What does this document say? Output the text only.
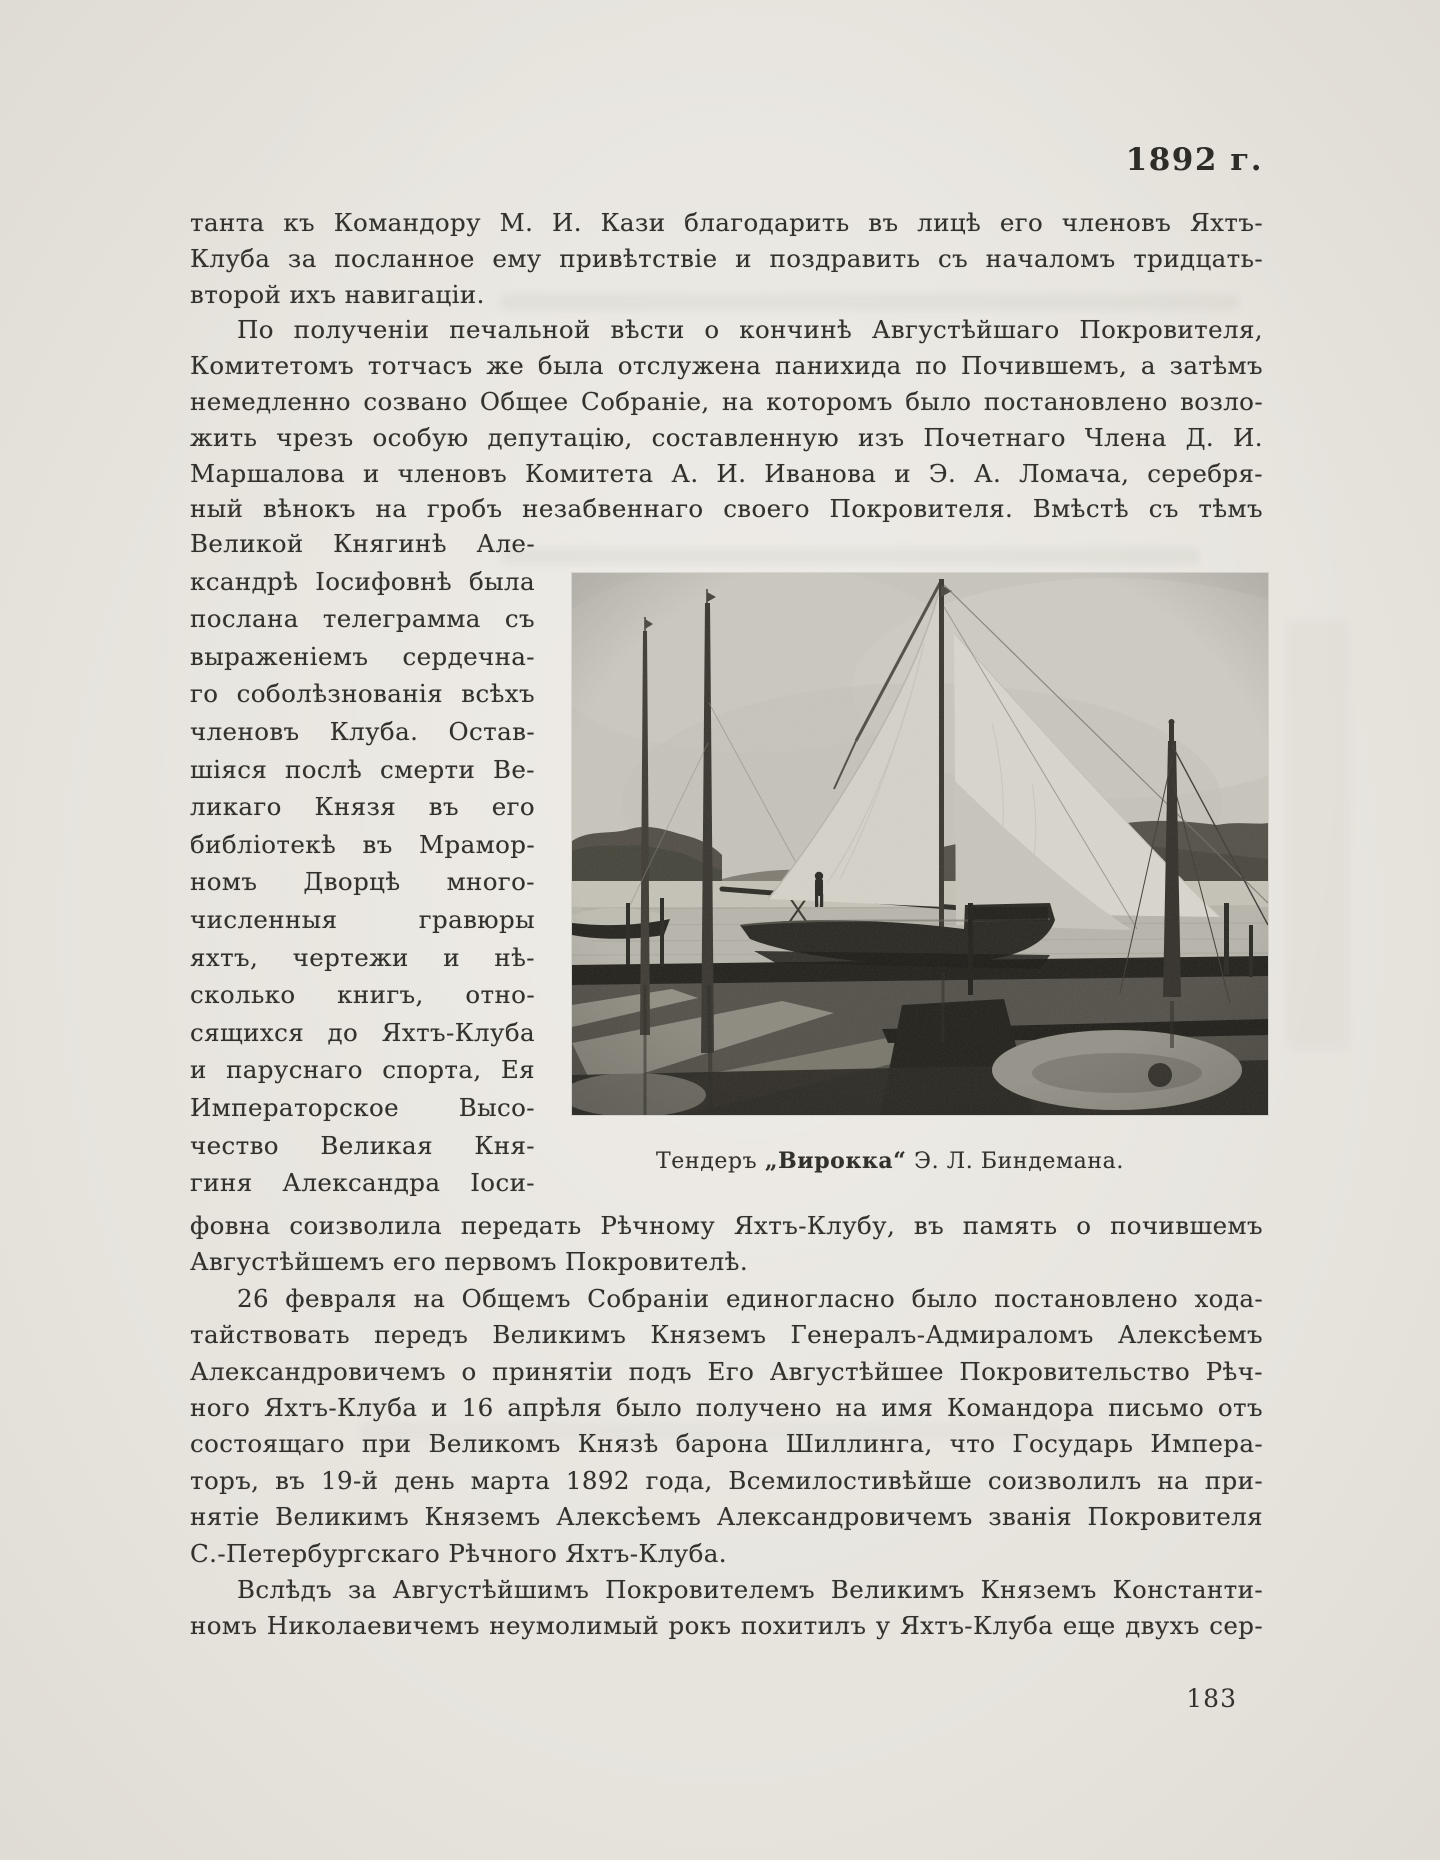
1892 г.
танта къ Командору М. И. Кази благодарить въ лицѣ его членовъ Яхтъ-
Клуба за посланное ему привѣтствіе и поздравить съ началомъ тридцать-
второй ихъ навигаціи.
По полученіи печальной вѣсти о кончинѣ Августѣйшаго Покровителя,
Комитетомъ тотчасъ же была отслужена панихида по Почившемъ, а затѣмъ
немедленно созвано Общее Собраніе, на которомъ было постановлено возло-
жить чрезъ особую депутацію, составленную изъ Почетнаго Члена Д. И.
Маршалова и членовъ Комитета А. И. Иванова и Э. А. Ломача, серебря-
ный вѣнокъ на гробъ незабвеннаго своего Покровителя. Вмѣстѣ съ тѣмъ
Великой Княгинѣ Але-
ксандрѣ Іосифовнѣ была
послана телеграмма съ
выраженіемъ сердечна-
го соболѣзнованія всѣхъ
членовъ Клуба. Остав-
шіяся послѣ смерти Ве-
ликаго Князя въ его
библіотекѣ въ Мрамор-
номъ Дворцѣ много-
численныя гравюры
яхтъ, чертежи и нѣ-
сколько книгъ, отно-
сящихся до Яхтъ-Клуба
и паруснаго спорта, Ея
Императорское Высо-
чество Великая Кня-
гиня Александра Іоси-
Тендеръ „Вирокка“ Э. Л. Биндемана.
фовна соизволила передать Рѣчному Яхтъ-Клубу, въ память о почившемъ
Августѣйшемъ его первомъ Покровителѣ.
26 февраля на Общемъ Собраніи единогласно было постановлено хода-
тайствовать передъ Великимъ Княземъ Генералъ-Адмираломъ Алексѣемъ
Александровичемъ о принятіи подъ Его Августѣйшее Покровительство Рѣч-
ного Яхтъ-Клуба и 16 апрѣля было получено на имя Командора письмо отъ
состоящаго при Великомъ Князѣ барона Шиллинга, что Государь Импера-
торъ, въ 19-й день марта 1892 года, Всемилостивѣйше соизволилъ на при-
нятіе Великимъ Княземъ Алексѣемъ Александровичемъ званія Покровителя
С.-Петербургскаго Рѣчного Яхтъ-Клуба.
Вслѣдъ за Августѣйшимъ Покровителемъ Великимъ Княземъ Константи-
номъ Николаевичемъ неумолимый рокъ похитилъ у Яхтъ-Клуба еще двухъ сер-
183
